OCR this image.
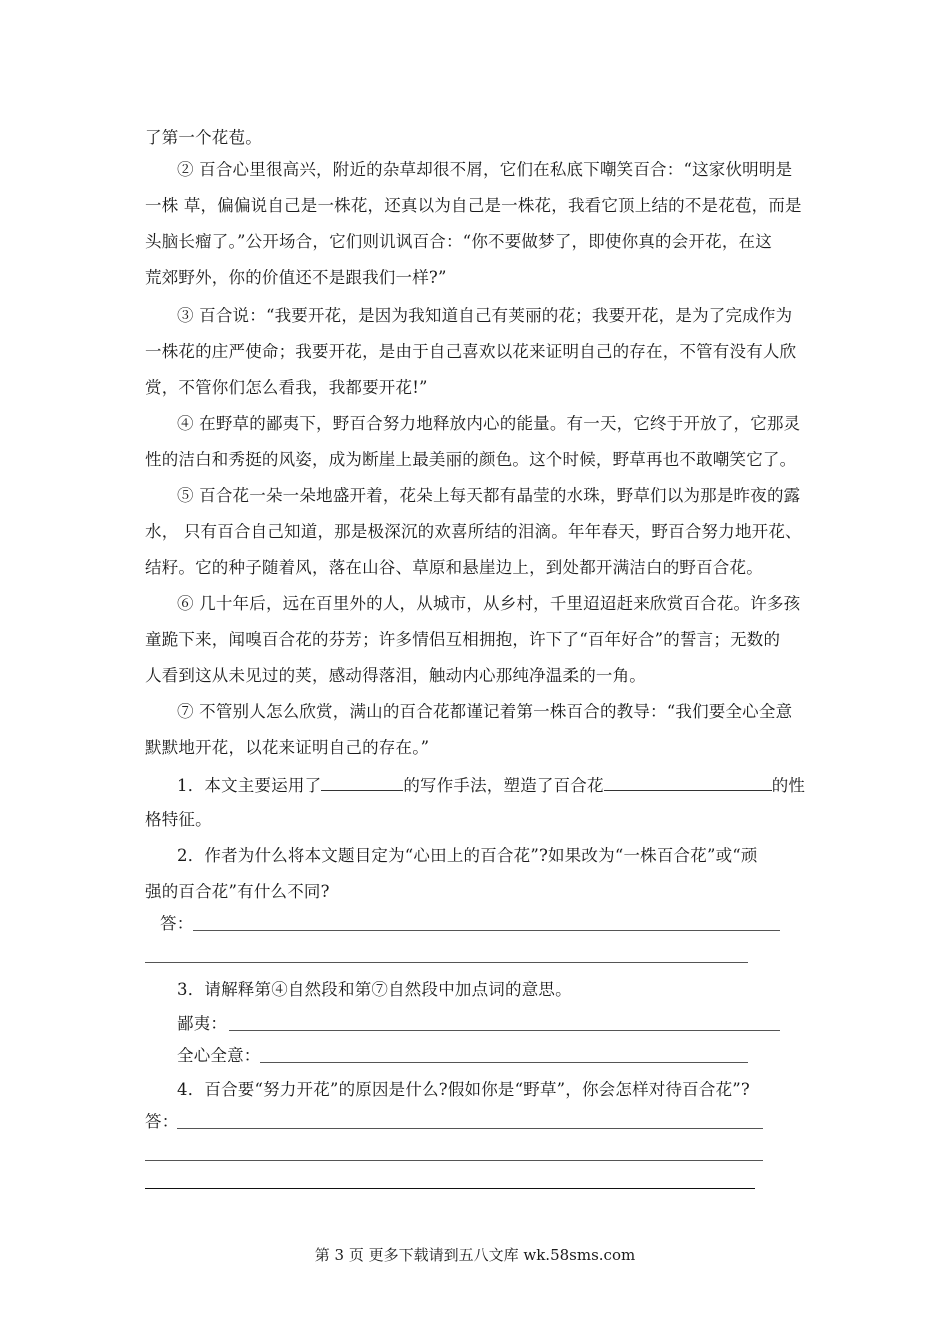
了第一个花苞。
② 百合心里很高兴，附近的杂草却很不屑，它们在私底下嘲笑百合：“这家伙明明是
一株 草，偏偏说自己是一株花，还真以为自己是一株花，我看它顶上结的不是花苞，而是
头脑长瘤了。”公开场合，它们则讥讽百合：“你不要做梦了，即使你真的会开花，在这
荒郊野外，你的价值还不是跟我们一样?”
③ 百合说：“我要开花，是因为我知道自己有荚丽的花；我要开花，是为了完成作为
一株花的庄严使命；我要开花，是由于自己喜欢以花来证明自己的存在，不管有没有人欣
赏，不管你们怎么看我，我都要开花!”
④ 在野草的鄙夷下，野百合努力地释放内心的能量。有一天，它终于开放了，它那灵
性的洁白和秀挺的风姿，成为断崖上最美丽的颜色。这个时候，野草再也不敢嘲笑它了。
⑤ 百合花一朵一朵地盛开着，花朵上每天都有晶莹的水珠，野草们以为那是昨夜的露
水， 只有百合自己知道，那是极深沉的欢喜所结的泪滴。年年春天，野百合努力地开花、
结籽。它的种子随着风，落在山谷、草原和悬崖边上，到处都开满洁白的野百合花。
⑥ 几十年后，远在百里外的人，从城市，从乡村，千里迢迢赶来欣赏百合花。许多孩
童跪下来，闻嗅百合花的芬芳；许多情侣互相拥抱，许下了“百年好合”的誓言；无数的
人看到这从未见过的荚，感动得落泪，触动内心那纯净温柔的一角。
⑦ 不管别人怎么欣赏，满山的百合花都谨记着第一株百合的教导：“我们要全心全意
默默地开花，以花来证明自己的存在。”
1．本文主要运用了	的写作手法，塑造了百合花	的性
格特征。
2．作者为什么将本文题目定为“心田上的百合花”?如果改为“一株百合花”或“顽
强的百合花”有什么不同?
答：
3．请解释第④自然段和第⑦自然段中加点词的意思。
鄙夷：
全心全意：
4．百合要“努力开花”的原因是什么?假如你是“野草”，你会怎样对待百合花”?
答：
第 3 页 更多下载请到五八文库 wk.58sms.com
